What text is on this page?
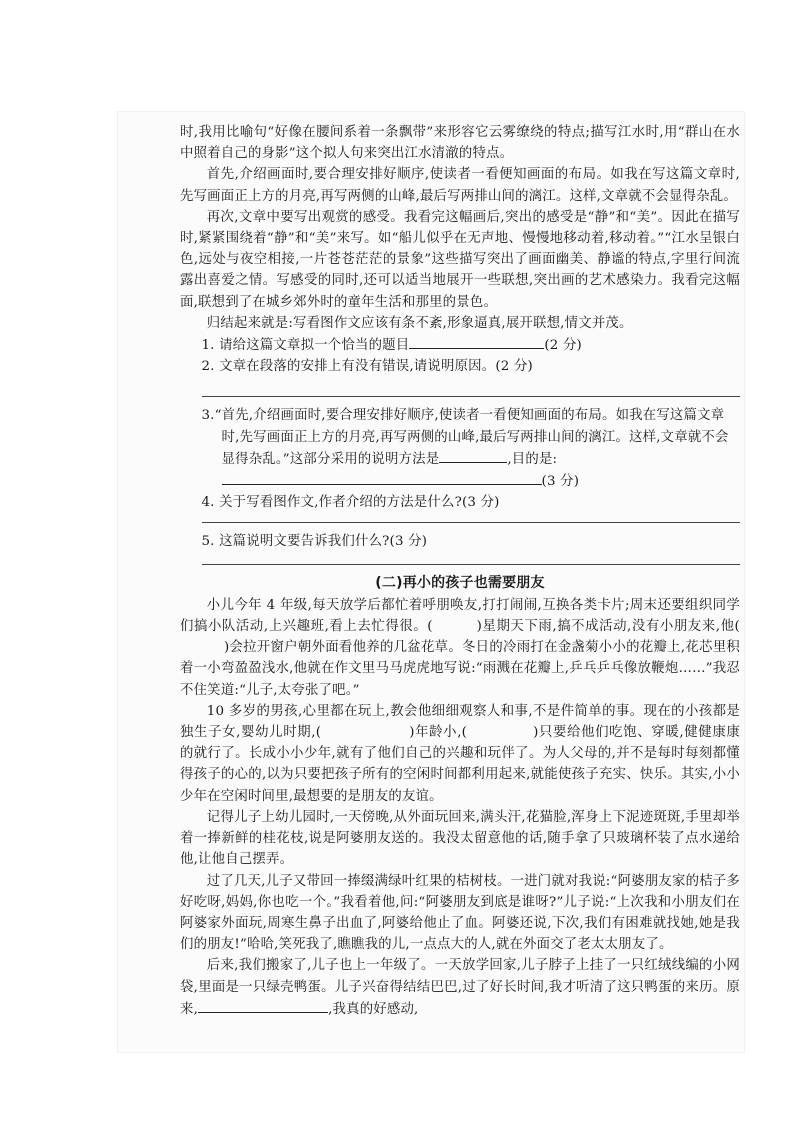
时,我用比喻句“好像在腰间系着一条飘带”来形容它云雾缭绕的特点;描写江水时,用“群山在水中照着自己的身影”这个拟人句来突出江水清澈的特点。

首先,介绍画面时,要合理安排好顺序,使读者一看便知画面的布局。如我在写这篇文章时,先写画面正上方的月亮,再写两侧的山峰,最后写两排山间的漓江。这样,文章就不会显得杂乱。

再次,文章中要写出观赏的感受。我看完这幅画后,突出的感受是“静”和“美”。因此在描写时,紧紧围绕着“静”和“美”来写。如“船儿似乎在无声地、慢慢地移动着,移动着。”“江水呈银白色,远处与夜空相接,一片苍苍茫茫的景象”这些描写突出了画面幽美、静谧的特点,字里行间流露出喜爱之情。写感受的同时,还可以适当地展开一些联想,突出画的艺术感染力。我看完这幅面,联想到了在城乡郊外时的童年生活和那里的景色。

归结起来就是:写看图作文应该有条不紊,形象逼真,展开联想,情文并茂。

1. 请给这篇文章拟一个恰当的题目	(2 分)
2. 文章在段落的安排上有没有错误,请说明原因。(2 分)
3.“首先,介绍画面时,要合理安排好顺序,使读者一看便知画面的布局。如我在写这篇文章时,先写画面正上方的月亮,再写两侧的山峰,最后写两排山间的漓江。这样,文章就不会显得杂乱。”这部分采用的说明方法是	,目的是:(3 分)
4. 关于写看图作文,作者介绍的方法是什么?(3 分)
5. 这篇说明文要告诉我们什么?(3 分)
(二)再小的孩子也需要朋友

小儿今年 4 年级,每天放学后都忙着呼朋唤友,打打闹闹,互换各类卡片;周末还要组织同学们搞小队活动,上兴趣班,看上去忙得很。(	)星期天下雨,搞不成活动,没有小朋友来,他()会拉开窗户朝外面看他养的几盆花草。冬日的冷雨打在金盏菊小小的花瓣上,花芯里积着一小弯盈盈浅水,他就在作文里马马虎虎地写说:“雨溅在花瓣上,乒乓乒乓像放鞭炮……”我忍不住笑道:“儿子,太夸张了吧。”

10 多岁的男孩,心里都在玩上,教会他细细观察人和事,不是件简单的事。现在的小孩都是独生子女,婴幼儿时期,(	)年龄小,(	)只要给他们吃饱、穿暖,健健康康的就行了。长成小小少年,就有了他们自己的兴趣和玩伴了。为人父母的,并不是每时每刻都懂得孩子的心的,以为只要把孩子所有的空闲时间都利用起来,就能使孩子充实、快乐。其实,小小少年在空闲时间里,最想要的是朋友的友谊。

记得儿子上幼儿园时,一天傍晚,从外面玩回来,满头汗,花猫脸,浑身上下泥迹斑斑,手里却举着一捧新鲜的桂花枝,说是阿婆朋友送的。我没太留意他的话,随手拿了只玻璃杯装了点水递给他,让他自己摆弄。

过了几天,儿子又带回一捧缀满绿叶红果的桔树枝。一进门就对我说:“阿婆朋友家的桔子多好吃呀,妈妈,你也吃一个。”我看着他,问:“阿婆朋友到底是谁呀?”儿子说:“上次我和小朋友们在阿婆家外面玩,周寒生鼻子出血了,阿婆给他止了血。阿婆还说,下次,我们有困难就找她,她是我们的朋友!”哈哈,笑死我了,瞧瞧我的儿,一点点大的人,就在外面交了老太太朋友了。

后来,我们搬家了,儿子也上一年级了。一天放学回家,儿子脖子上挂了一只红绒线编的小网袋,里面是一只绿壳鸭蛋。儿子兴奋得结结巴巴,过了好长时间,我才听清了这只鸭蛋的来历。原来,	,我真的好感动,
